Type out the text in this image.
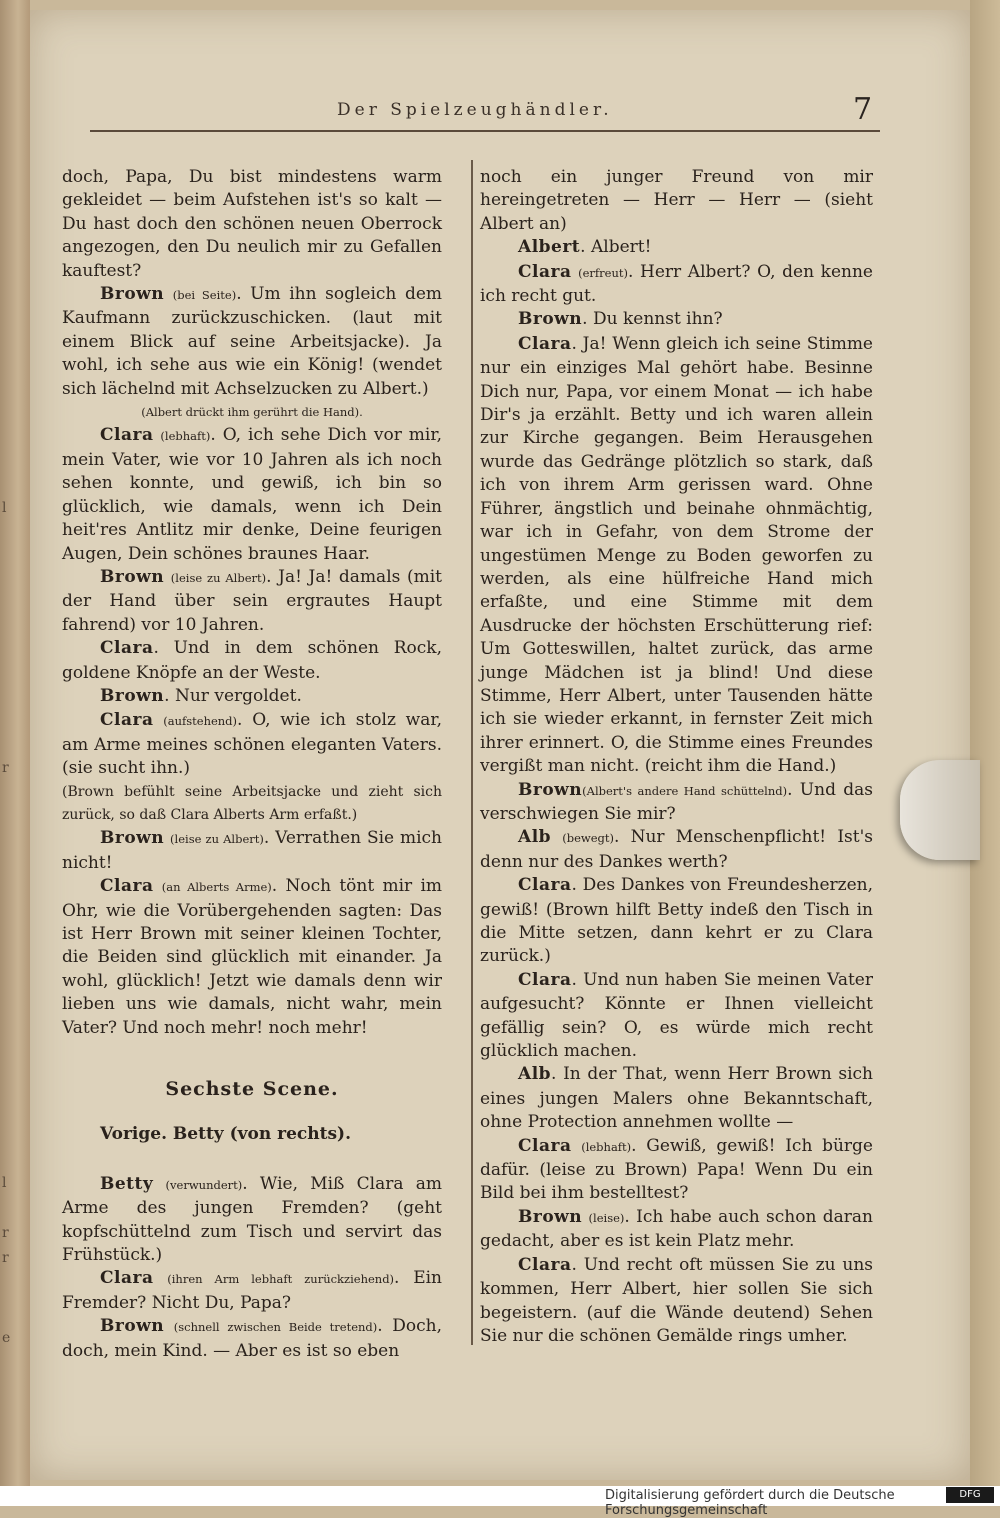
l
r
l
r
r
e
Der Spielzeughändler.	7

doch, Papa, Du bist mindestens warm gekleidet — beim Aufstehen ist's so kalt — Du hast doch den schönen neuen Oberrock angezogen, den Du neulich mir zu Gefallen kauftest?

Brown (bei Seite). Um ihn sogleich dem Kaufmann zurückzuschicken. (laut mit einem Blick auf seine Arbeitsjacke). Ja wohl, ich sehe aus wie ein König! (wendet sich lächelnd mit Achselzucken zu Albert.)

(Albert drückt ihm gerührt die Hand).

Clara (lebhaft). O, ich sehe Dich vor mir, mein Vater, wie vor 10 Jahren als ich noch sehen konnte, und gewiß, ich bin so glücklich, wie damals, wenn ich Dein heit'res Antlitz mir denke, Deine feurigen Augen, Dein schönes braunes Haar.

Brown (leise zu Albert). Ja! Ja! damals (mit der Hand über sein ergrautes Haupt fahrend) vor 10 Jahren.

Clara. Und in dem schönen Rock, goldene Knöpfe an der Weste.

Brown. Nur vergoldet.

Clara (aufstehend). O, wie ich stolz war, am Arme meines schönen eleganten Vaters. (sie sucht ihn.)

(Brown befühlt seine Arbeitsjacke und zieht sich zurück, so daß Clara Alberts Arm erfaßt.)

Brown (leise zu Albert). Verrathen Sie mich nicht!

Clara (an Alberts Arme). Noch tönt mir im Ohr, wie die Vorübergehenden sagten: Das ist Herr Brown mit seiner kleinen Tochter, die Beiden sind glücklich mit einander. Ja wohl, glücklich! Jetzt wie damals denn wir lieben uns wie damals, nicht wahr, mein Vater? Und noch mehr! noch mehr!

Sechste Scene.

Vorige. Betty (von rechts).

Betty (verwundert). Wie, Miß Clara am Arme des jungen Fremden? (geht kopfschüttelnd zum Tisch und servirt das Frühstück.)

Clara (ihren Arm lebhaft zurückziehend). Ein Fremder? Nicht Du, Papa?

Brown (schnell zwischen Beide tretend). Doch, doch, mein Kind. — Aber es ist so eben

noch ein junger Freund von mir hereingetreten — Herr — Herr — (sieht Albert an)

Albert. Albert!

Clara (erfreut). Herr Albert? O, den kenne ich recht gut.

Brown. Du kennst ihn?

Clara. Ja! Wenn gleich ich seine Stimme nur ein einziges Mal gehört habe. Besinne Dich nur, Papa, vor einem Monat — ich habe Dir's ja erzählt. Betty und ich waren allein zur Kirche gegangen. Beim Herausgehen wurde das Gedränge plötzlich so stark, daß ich von ihrem Arm gerissen ward. Ohne Führer, ängstlich und beinahe ohnmächtig, war ich in Gefahr, von dem Strome der ungestümen Menge zu Boden geworfen zu werden, als eine hülfreiche Hand mich erfaßte, und eine Stimme mit dem Ausdrucke der höchsten Erschütterung rief: Um Gotteswillen, haltet zurück, das arme junge Mädchen ist ja blind! Und diese Stimme, Herr Albert, unter Tausenden hätte ich sie wieder erkannt, in fernster Zeit mich ihrer erinnert. O, die Stimme eines Freundes vergißt man nicht. (reicht ihm die Hand.)

Brown(Albert's andere Hand schüttelnd). Und das verschwiegen Sie mir?

Alb (bewegt). Nur Menschenpflicht! Ist's denn nur des Dankes werth?

Clara. Des Dankes von Freundesherzen, gewiß! (Brown hilft Betty indeß den Tisch in die Mitte setzen, dann kehrt er zu Clara zurück.)

Clara. Und nun haben Sie meinen Vater aufgesucht? Könnte er Ihnen vielleicht gefällig sein? O, es würde mich recht glücklich machen.

Alb. In der That, wenn Herr Brown sich eines jungen Malers ohne Bekanntschaft, ohne Protection annehmen wollte —

Clara (lebhaft). Gewiß, gewiß! Ich bürge dafür. (leise zu Brown) Papa! Wenn Du ein Bild bei ihm bestelltest?

Brown (leise). Ich habe auch schon daran gedacht, aber es ist kein Platz mehr.

Clara. Und recht oft müssen Sie zu uns kommen, Herr Albert, hier sollen Sie sich begeistern. (auf die Wände deutend) Sehen Sie nur die schönen Gemälde rings umher.

Digitalisierung gefördert durch die Deutsche Forschungsgemeinschaft
DFG
